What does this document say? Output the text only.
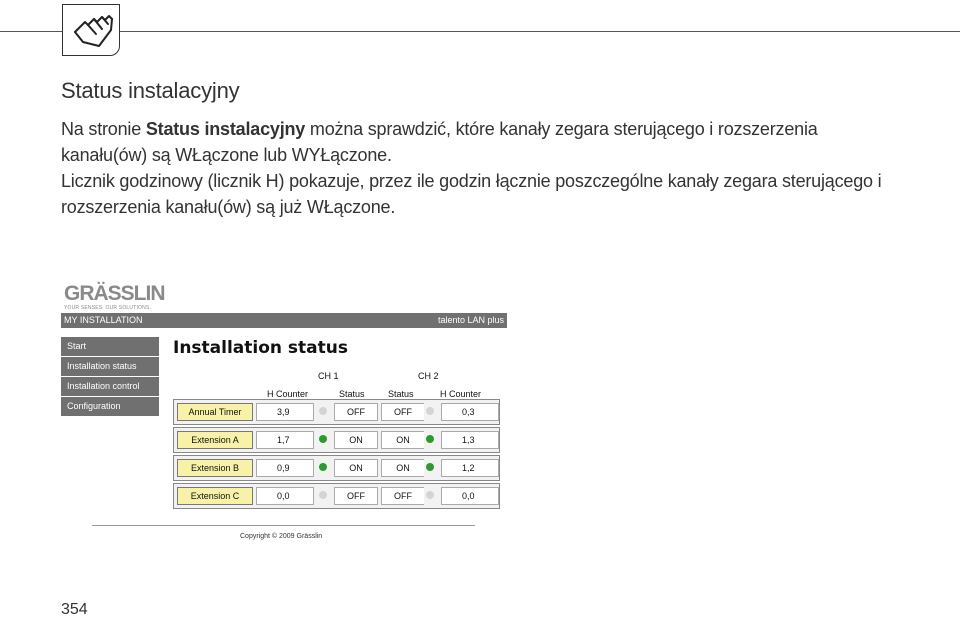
Status instalacyjny
Na stronie Status instalacyjny można sprawdzić, które kanały zegara sterującego i rozszerzenia kanału(ów) są WŁączone lub WYŁączone.
Licznik godzinowy (licznik H) pokazuje, przez ile godzin łącznie poszczególne kanały zegara sterującego i rozszerzenia kanału(ów) są już WŁączone.
GRÄSSLIN
YOUR SENSES. OUR SOLUTIONS.
MY INSTALLATION	talento LAN plus
Start
Installation status
Installation control
Configuration
Installation status
CH 1	CH 2
H Counter	Status	Status	H Counter
Annual Timer	3,9	OFF	OFF	0,3
Extension A	1,7	ON	ON	1,3
Extension B	0,9	ON	ON	1,2
Extension C	0,0	OFF	OFF	0,0
Copyright © 2009 Grässlin
354
